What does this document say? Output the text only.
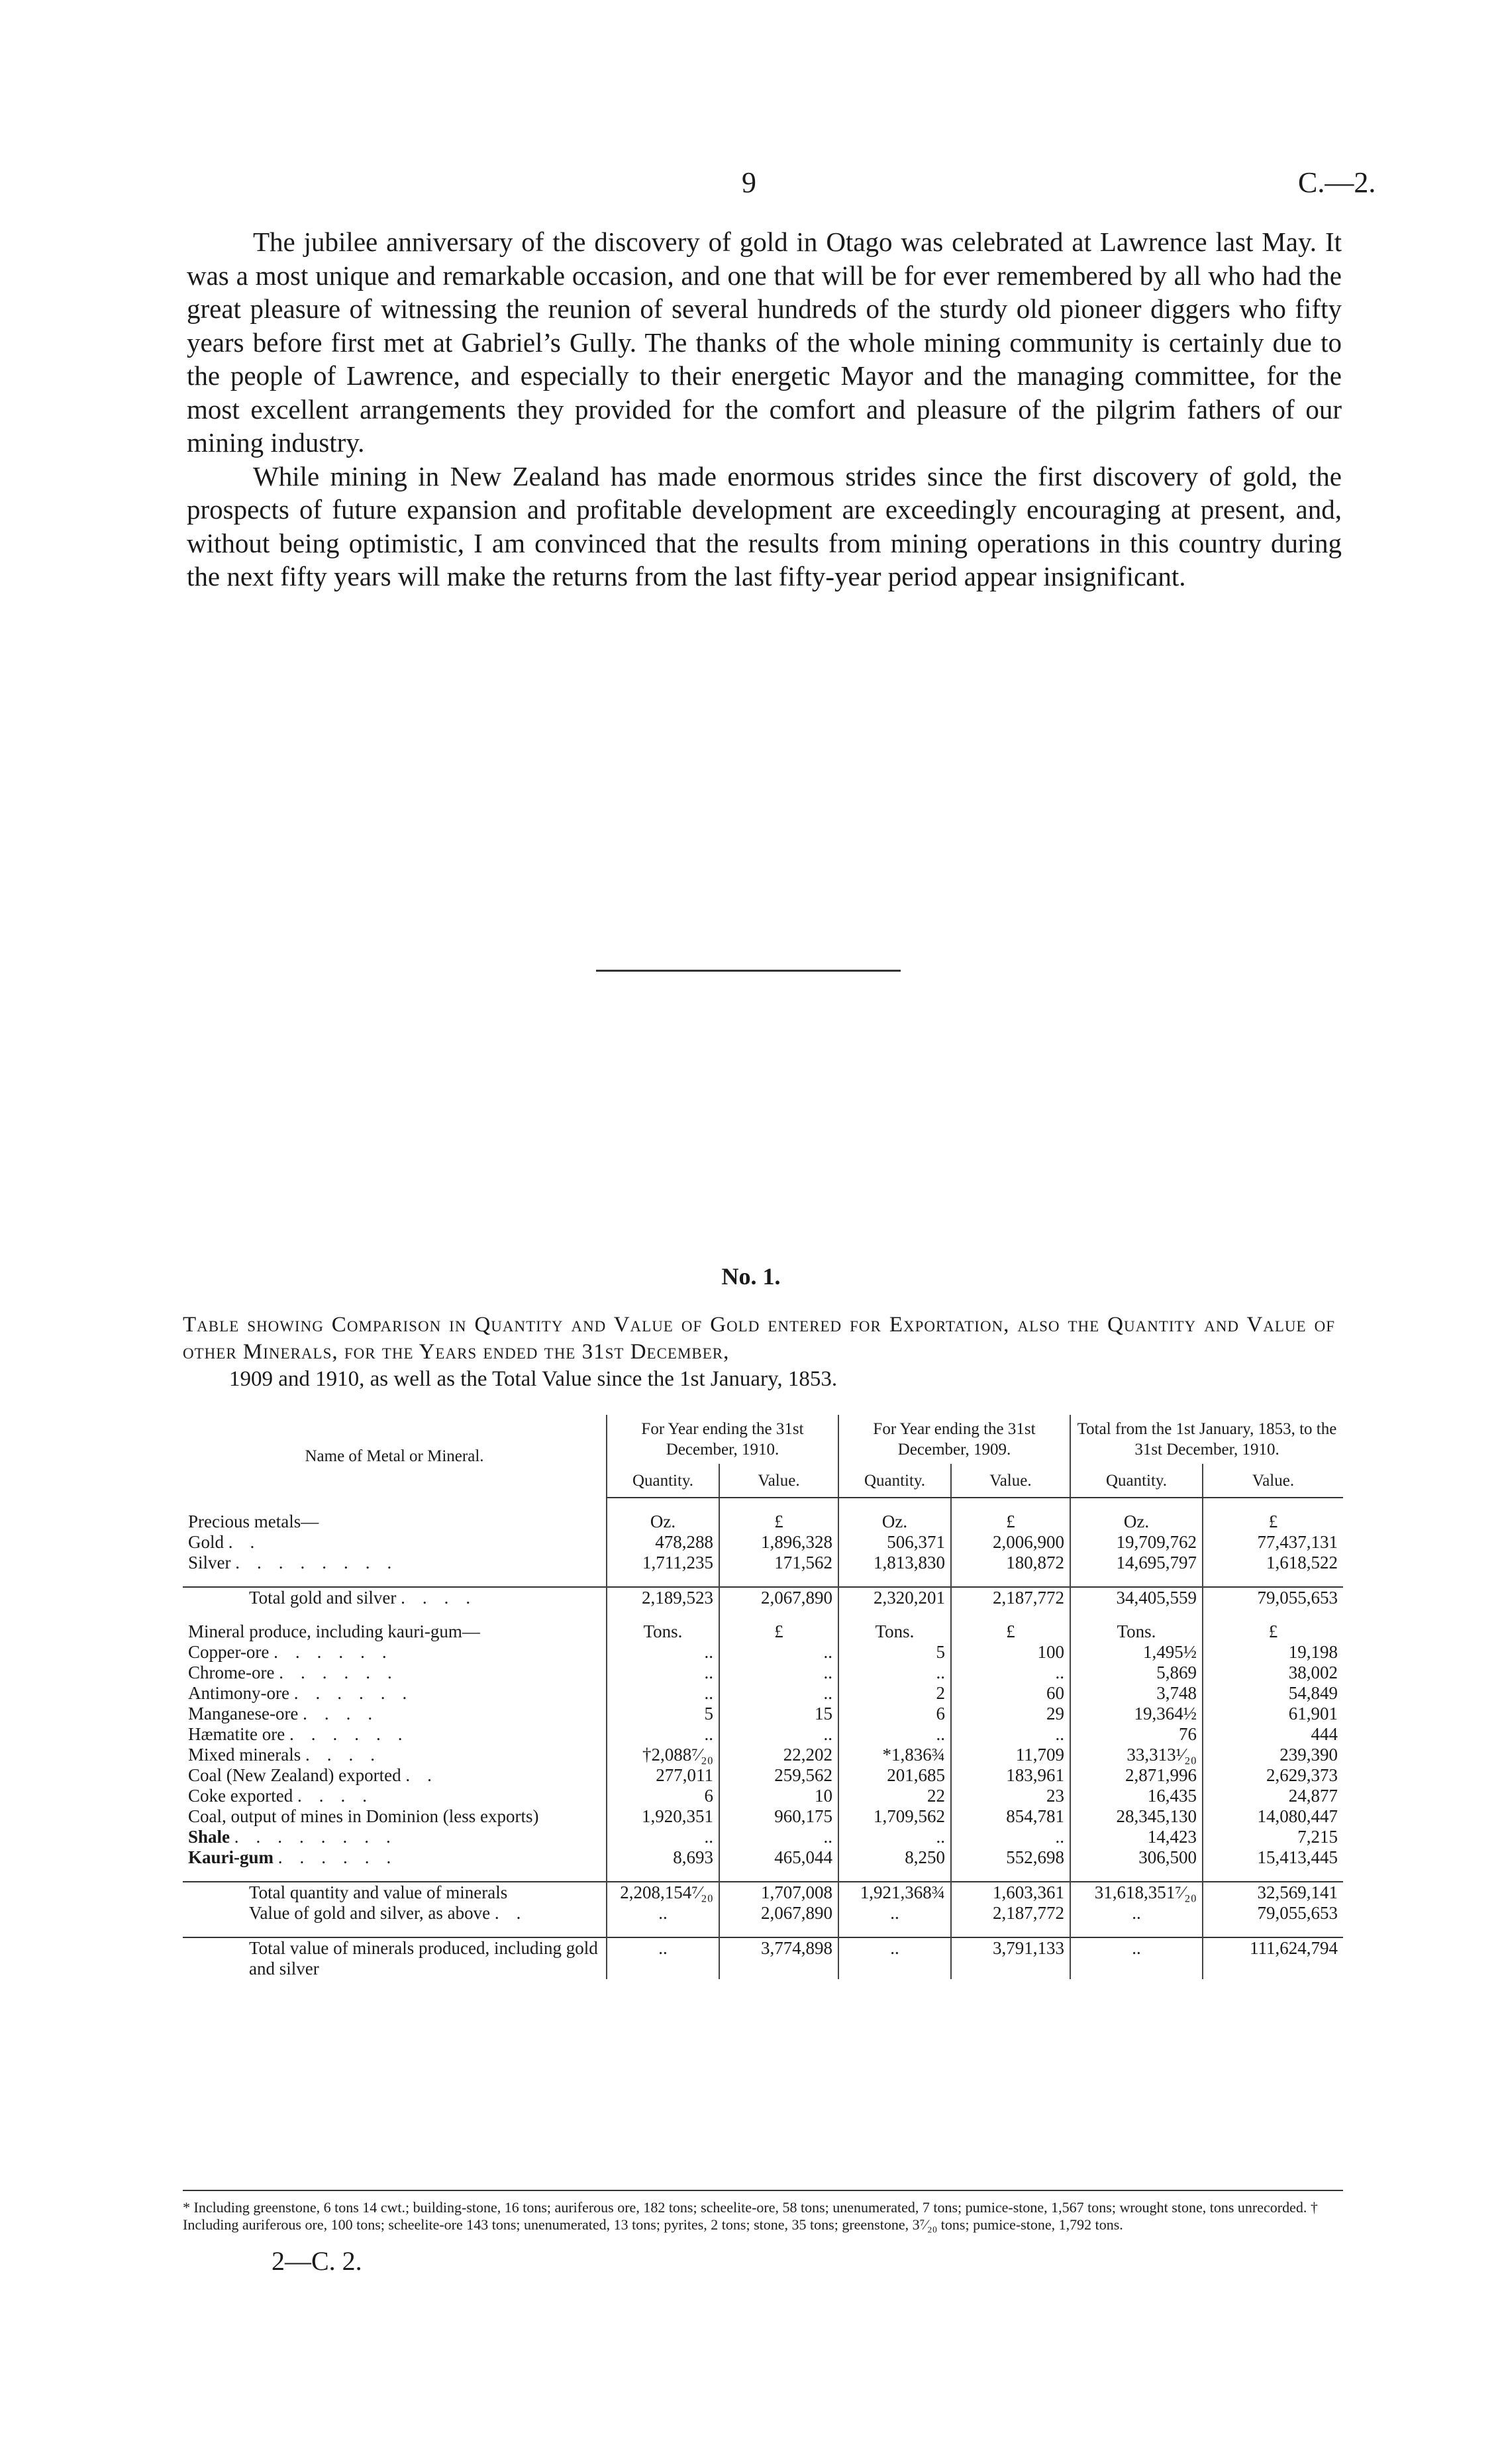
9	C.—2.

The jubilee anniversary of the discovery of gold in Otago was celebrated at Lawrence last May. It was a most unique and remarkable occasion, and one that will be for ever remembered by all who had the great pleasure of witnessing the reunion of several hundreds of the sturdy old pioneer diggers who fifty years before first met at Gabriel’s Gully. The thanks of the whole mining community is certainly due to the people of Lawrence, and especially to their energetic Mayor and the managing committee, for the most excellent arrangements they provided for the comfort and pleasure of the pilgrim fathers of our mining industry.

While mining in New Zealand has made enormous strides since the first discovery of gold, the prospects of future expansion and profitable development are exceedingly encouraging at present, and, without being optimistic, I am convinced that the results from mining operations in this country during the next fifty years will make the returns from the last fifty-year period appear insignificant.

No. 1.
Table showing Comparison in Quantity and Value of Gold entered for Exportation, also the Quantity and Value of other Minerals, for the Years ended the 31st December,
1909 and 1910, as well as the Total Value since the 1st January, 1853.
Name of Metal or Mineral.	For Year ending the 31st December, 1910.		For Year ending the 31st December, 1909.		Total from the 1st January, 1853, to the 31st December, 1910.	
	Quantity.	Value.	Quantity.	Value.	Quantity.	Value.

Precious metals—	Oz.	£	Oz.	£	Oz.	£
Gold ..	478,288	1,896,328	506,371	2,006,900	19,709,762	77,437,131
Silver ........	1,711,235	171,562	1,813,830	180,872	14,695,797	1,618,522

Total gold and silver ....	2,189,523	2,067,890	2,320,201	2,187,772	34,405,559	79,055,653

Mineral produce, including kauri-gum—	Tons.	£	Tons.	£	Tons.	£
Copper-ore ......	..	..	5	100	1,495½	19,198
Chrome-ore ......	..	..	..	..	5,869	38,002
Antimony-ore ......	..	..	2	60	3,748	54,849
Manganese-ore ....	5	15	6	29	19,364½	61,901
Hæmatite ore ......	..	..	..	..	76	444
Mixed minerals ....	†2,088⁷⁄₂₀	22,202	*1,836¾	11,709	33,313¹⁄₂₀	239,390
Coal (New Zealand) exported ..	277,011	259,562	201,685	183,961	2,871,996	2,629,373
Coke exported ....	6	10	22	23	16,435	24,877
Coal, output of mines in Dominion (less exports)	1,920,351	960,175	1,709,562	854,781	28,345,130	14,080,447
Shale ........	..	..	..	..	14,423	7,215
Kauri-gum ......	8,693	465,044	8,250	552,698	306,500	15,413,445

Total quantity and value of minerals	2,208,154⁷⁄₂₀	1,707,008	1,921,368¾	1,603,361	31,618,351⁷⁄₂₀	32,569,141
Value of gold and silver, as above ..	..	2,067,890	..	2,187,772	..	79,055,653

Total value of minerals produced, including gold and silver	..	3,774,898	..	3,791,133	..	111,624,794
* Including greenstone, 6 tons 14 cwt.; building-stone, 16 tons; auriferous ore, 182 tons; scheelite-ore, 58 tons; unenumerated, 7 tons; pumice-stone, 1,567 tons; wrought stone, tons unrecorded. † Including auriferous ore, 100 tons; scheelite-ore 143 tons; unenumerated, 13 tons; pyrites, 2 tons; stone, 35 tons; greenstone, 3⁷⁄₂₀ tons; pumice-stone, 1,792 tons.
2—C. 2.
